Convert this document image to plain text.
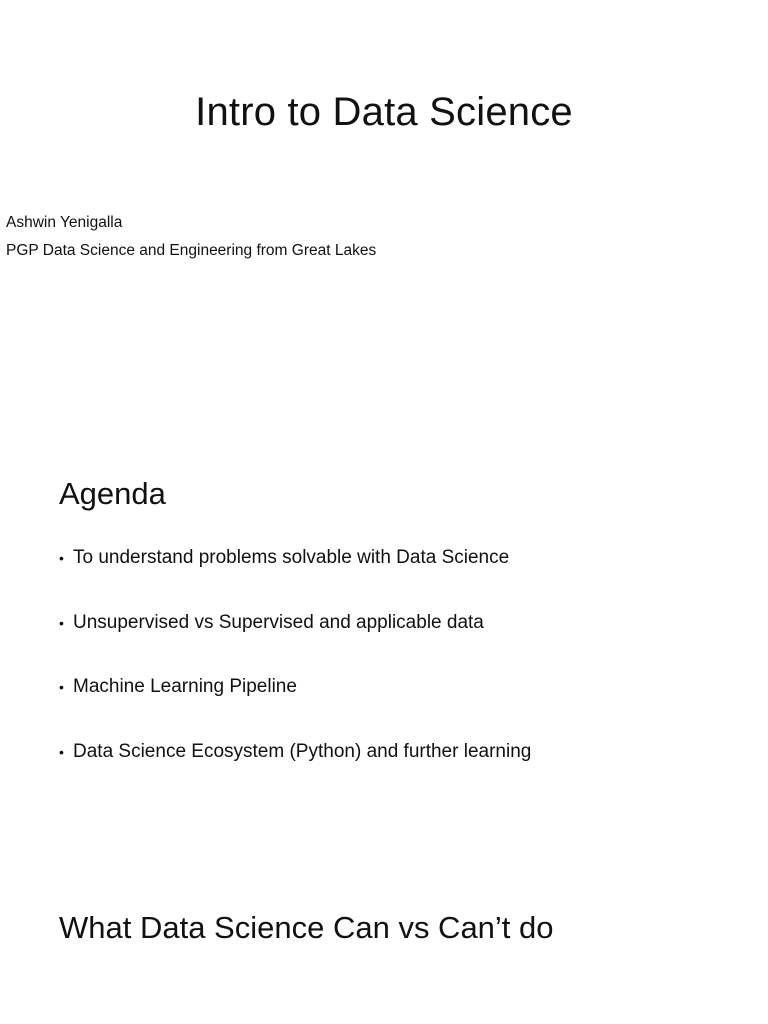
Intro to Data Science

Ashwin Yenigalla

PGP Data Science and Engineering from Great Lakes

Agenda
• To understand problems solvable with Data Science
• Unsupervised vs Supervised and applicable data
• Machine Learning Pipeline
• Data Science Ecosystem (Python) and further learning
What Data Science Can vs Can’t do
